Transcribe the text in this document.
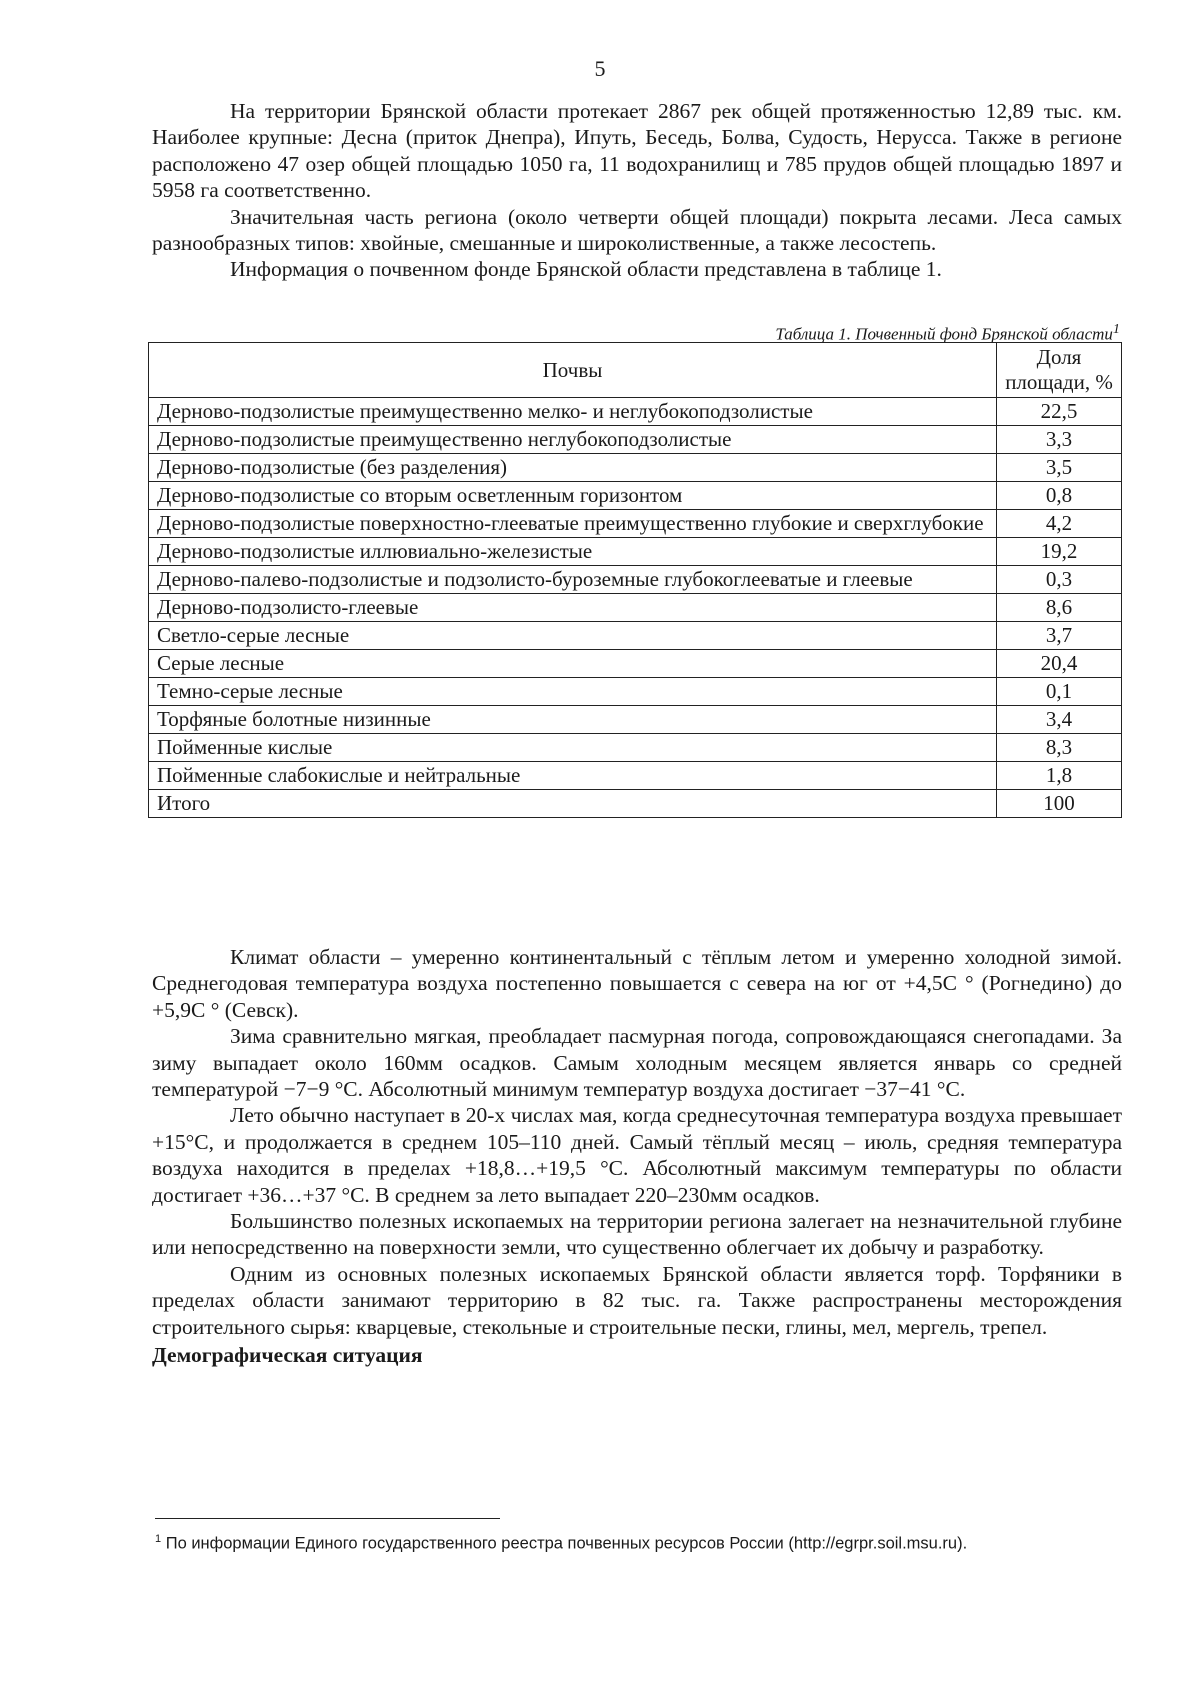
5

На территории Брянской области протекает 2867 рек общей протяженностью 12,89 тыс. км. Наиболее крупные: Десна (приток Днепра), Ипуть, Беседь, Болва, Судость, Нерусса. Также в регионе расположено 47 озер общей площадью 1050 га, 11 водохранилищ и 785 прудов общей площадью 1897 и 5958 га соответственно.

Значительная часть региона (около четверти общей площади) покрыта лесами. Леса самых разнообразных типов: хвойные, смешанные и широколиственные, а также лесостепь.

Информация о почвенном фонде Брянской области представлена в таблице 1.

Таблица 1. Почвенный фонд Брянской области$^1$
Почвы	Доля площади, %
Дерново-подзолистые преимущественно мелко- и неглубокоподзолистые	22,5
Дерново-подзолистые преимущественно неглубокоподзолистые	3,3
Дерново-подзолистые (без разделения)	3,5
Дерново-подзолистые со вторым осветленным горизонтом	0,8
Дерново-подзолистые поверхностно-глееватые преимущественно глубокие и сверхглубокие	4,2
Дерново-подзолистые иллювиально-железистые	19,2
Дерново-палево-подзолистые и подзолисто-буроземные глубокоглееватые и глеевые	0,3
Дерново-подзолисто-глеевые	8,6
Светло-серые лесные	3,7
Серые лесные	20,4
Темно-серые лесные	0,1
Торфяные болотные низинные	3,4
Пойменные кислые	8,3
Пойменные слабокислые и нейтральные	1,8
Итого	100

Климат области – умеренно континентальный с тёплым летом и умеренно холодной зимой. Среднегодовая температура воздуха постепенно повышается с севера на юг от +4,5С ° (Рогнедино) до +5,9С ° (Севск).

Зима сравнительно мягкая, преобладает пасмурная погода, сопровождающаяся снегопадами. За зиму выпадает около 160мм осадков. Самым холодным месяцем является январь со средней температурой −7−9 °С. Абсолютный минимум температур воздуха достигает −37−41 °С.

Лето обычно наступает в 20-х числах мая, когда среднесуточная температура воздуха превышает +15°С, и продолжается в среднем 105–110 дней. Самый тёплый месяц – июль, средняя температура воздуха находится в пределах +18,8…+19,5 °С. Абсолютный максимум температуры по области достигает +36…+37 °С. В среднем за лето выпадает 220–230мм осадков.

Большинство полезных ископаемых на территории региона залегает на незначительной глубине или непосредственно на поверхности земли, что существенно облегчает их добычу и разработку.

Одним из основных полезных ископаемых Брянской области является торф. Торфяники в пределах области занимают территорию в 82 тыс. га. Также распространены месторождения строительного сырья: кварцевые, стекольные и строительные пески, глины, мел, мергель, трепел.

Демографическая ситуация

$^1$ По информации Единого государственного реестра почвенных ресурсов России (http://egrpr.soil.msu.ru).
